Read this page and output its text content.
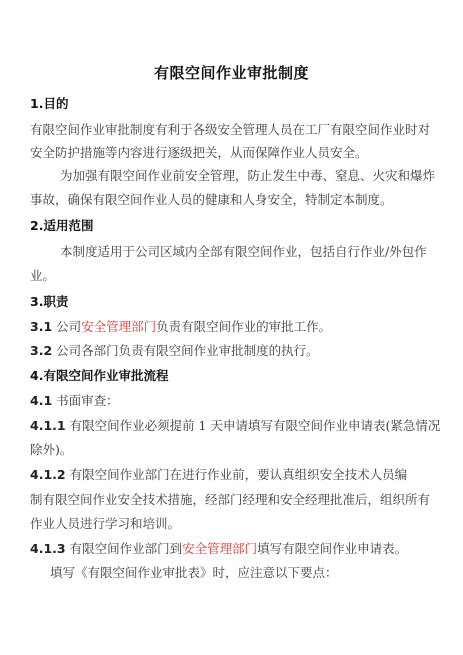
有限空间作业审批制度
1.目的
有限空间作业审批制度有利于各级安全管理人员在工厂有限空间作业时对
安全防护措施等内容进行逐级把关，从而保障作业人员安全。
为加强有限空间作业前安全管理，防止发生中毒、窒息、火灾和爆炸
事故，确保有限空间作业人员的健康和人身安全，特制定本制度。
2.适用范围
本制度适用于公司区域内全部有限空间作业，包括自行作业/外包作
业。
3.职责
3.1 公司安全管理部门负责有限空间作业的审批工作。
3.2 公司各部门负责有限空间作业审批制度的执行。
4.有限空间作业审批流程
4.1 书面审查：
4.1.1 有限空间作业必须提前 1 天申请填写有限空间作业申请表(紧急情况
除外)。
4.1.2 有限空间作业部门在进行作业前，要认真组织安全技术人员编
制有限空间作业安全技术措施，经部门经理和安全经理批准后，组织所有
作业人员进行学习和培训。
4.1.3 有限空间作业部门到安全管理部门填写有限空间作业申请表。
填写《有限空间作业审批表》时，应注意以下要点：
